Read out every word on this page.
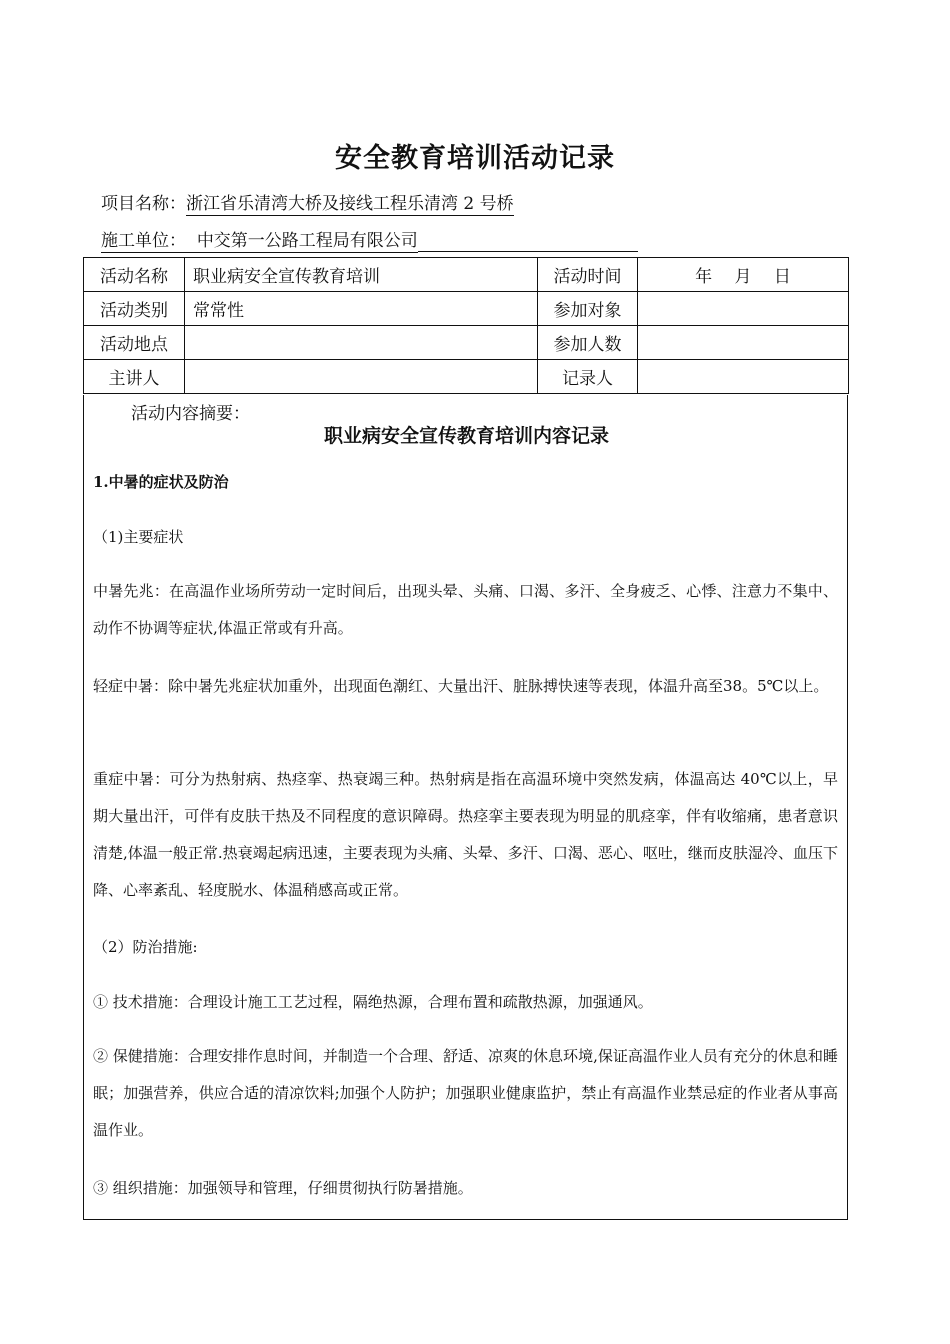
安全教育培训活动记录
项目名称：浙江省乐清湾大桥及接线工程乐清湾 2 号桥
施工单位： 中交第一公路工程局有限公司
活动名称	职业病安全宣传教育培训	活动时间	年　 月　 日
活动类别	常常性	参加对象	
活动地点		参加人数	
主讲人		记录人	
活动内容摘要：
职业病安全宣传教育培训内容记录

1.中暑的症状及防治

（1)主要症状

中暑先兆：在高温作业场所劳动一定时间后，出现头晕、头痛、口渴、多汗、全身疲乏、心悸、注意力不集中、动作不协调等症状,体温正常或有升高。

轻症中暑：除中暑先兆症状加重外，出现面色潮红、大量出汗、脏脉搏快速等表现，体温升高至38。5℃以上。

重症中暑：可分为热射病、热痉挛、热衰竭三种。热射病是指在高温环境中突然发病，体温高达 40℃以上，早期大量出汗，可伴有皮肤干热及不同程度的意识障碍。热痉挛主要表现为明显的肌痉挛，伴有收缩痛，患者意识清楚,体温一般正常.热衰竭起病迅速，主要表现为头痛、头晕、多汗、口渴、恶心、呕吐，继而皮肤湿冷、血压下降、心率紊乱、轻度脱水、体温稍感高或正常。

（2）防治措施:

① 技术措施：合理设计施工工艺过程，隔绝热源，合理布置和疏散热源，加强通风。

② 保健措施：合理安排作息时间，并制造一个合理、舒适、凉爽的休息环境,保证高温作业人员有充分的休息和睡眠；加强营养，供应合适的清凉饮料;加强个人防护；加强职业健康监护，禁止有高温作业禁忌症的作业者从事高温作业。

③ 组织措施：加强领导和管理，仔细贯彻执行防暑措施。
